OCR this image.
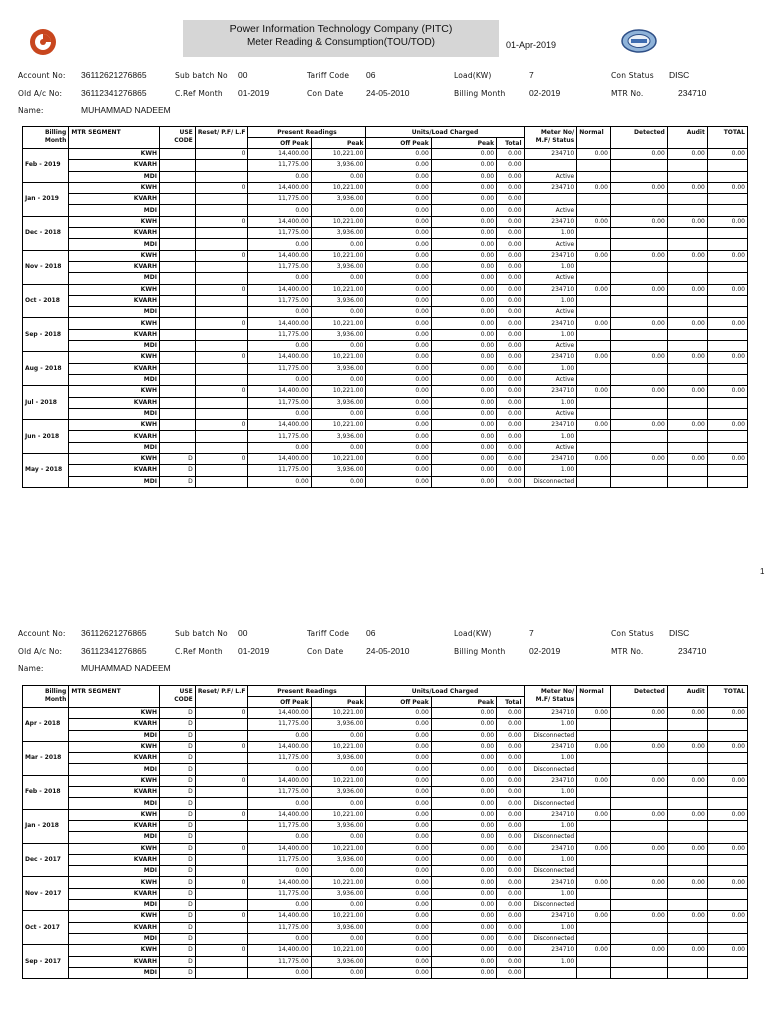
Power Information Technology Company (PITC)
Meter Reading & Consumption(TOU/TOD)	01-Apr-2019
Account No: 36112621276865	Sub batch No 00	Tariff Code 06	Load(KW)	7	Con Status DISC
Old A/c No: 36112341276865	C.Ref Month 01-2019	Con Date	24-05-2010	Billing Month	02-2019	MTR No.	234710
Name:	MUHAMMAD NADEEM
Billing Month	MTR SEGMENT	USE CODE	Reset/ P.F/ L.F	Present Readings		Units/Load Charged			Meter No/ M.F/ Status	Normal	Detected	Audit	TOTAL
				Off Peak	Peak	Off Peak	Peak	Total					
Feb - 2019	KWH		0	14,400.00	10,221.00	0.00	0.00	0.00	234710	0.00	0.00	0.00	0.00
	KVARH			11,775.00	3,936.00	0.00	0.00	0.00					
	MDI			0.00	0.00	0.00	0.00	0.00	Active				
Jan - 2019	KWH		0	14,400.00	10,221.00	0.00	0.00	0.00	234710	0.00	0.00	0.00	0.00
	KVARH			11,775.00	3,936.00	0.00	0.00	0.00					
	MDI			0.00	0.00	0.00	0.00	0.00	Active				
Dec - 2018	KWH		0	14,400.00	10,221.00	0.00	0.00	0.00	234710	0.00	0.00	0.00	0.00
	KVARH			11,775.00	3,936.00	0.00	0.00	0.00	1.00				
	MDI			0.00	0.00	0.00	0.00	0.00	Active				
Nov - 2018	KWH		0	14,400.00	10,221.00	0.00	0.00	0.00	234710	0.00	0.00	0.00	0.00
	KVARH			11,775.00	3,936.00	0.00	0.00	0.00	1.00				
	MDI			0.00	0.00	0.00	0.00	0.00	Active				
Oct - 2018	KWH		0	14,400.00	10,221.00	0.00	0.00	0.00	234710	0.00	0.00	0.00	0.00
	KVARH			11,775.00	3,936.00	0.00	0.00	0.00	1.00				
	MDI			0.00	0.00	0.00	0.00	0.00	Active				
Sep - 2018	KWH		0	14,400.00	10,221.00	0.00	0.00	0.00	234710	0.00	0.00	0.00	0.00
	KVARH			11,775.00	3,936.00	0.00	0.00	0.00	1.00				
	MDI			0.00	0.00	0.00	0.00	0.00	Active				
Aug - 2018	KWH		0	14,400.00	10,221.00	0.00	0.00	0.00	234710	0.00	0.00	0.00	0.00
	KVARH			11,775.00	3,936.00	0.00	0.00	0.00	1.00				
	MDI			0.00	0.00	0.00	0.00	0.00	Active				
Jul - 2018	KWH		0	14,400.00	10,221.00	0.00	0.00	0.00	234710	0.00	0.00	0.00	0.00
	KVARH			11,775.00	3,936.00	0.00	0.00	0.00	1.00				
	MDI			0.00	0.00	0.00	0.00	0.00	Active				
Jun - 2018	KWH		0	14,400.00	10,221.00	0.00	0.00	0.00	234710	0.00	0.00	0.00	0.00
	KVARH			11,775.00	3,936.00	0.00	0.00	0.00	1.00				
	MDI			0.00	0.00	0.00	0.00	0.00	Active				
May - 2018	KWH	D	0	14,400.00	10,221.00	0.00	0.00	0.00	234710	0.00	0.00	0.00	0.00
	KVARH	D		11,775.00	3,936.00	0.00	0.00	0.00	1.00				
	MDI	D		0.00	0.00	0.00	0.00	0.00	Disconnected				
1
Account No: 36112621276865	Sub batch No 00	Tariff Code 06	Load(KW)	7	Con Status DISC
Old A/c No: 36112341276865	C.Ref Month 01-2019	Con Date	24-05-2010	Billing Month	02-2019	MTR No.	234710
Name:	MUHAMMAD NADEEM
Billing Month	MTR SEGMENT	USE CODE	Reset/ P.F/ L.F	Present Readings		Units/Load Charged			Meter No/ M.F/ Status	Normal	Detected	Audit	TOTAL
				Off Peak	Peak	Off Peak	Peak	Total					
Apr - 2018	KWH	D	0	14,400.00	10,221.00	0.00	0.00	0.00	234710	0.00	0.00	0.00	0.00
	KVARH	D		11,775.00	3,936.00	0.00	0.00	0.00	1.00				
	MDI	D		0.00	0.00	0.00	0.00	0.00	Disconnected				
Mar - 2018	KWH	D	0	14,400.00	10,221.00	0.00	0.00	0.00	234710	0.00	0.00	0.00	0.00
	KVARH	D		11,775.00	3,936.00	0.00	0.00	0.00	1.00				
	MDI	D		0.00	0.00	0.00	0.00	0.00	Disconnected				
Feb - 2018	KWH	D	0	14,400.00	10,221.00	0.00	0.00	0.00	234710	0.00	0.00	0.00	0.00
	KVARH	D		11,775.00	3,936.00	0.00	0.00	0.00	1.00				
	MDI	D		0.00	0.00	0.00	0.00	0.00	Disconnected				
Jan - 2018	KWH	D	0	14,400.00	10,221.00	0.00	0.00	0.00	234710	0.00	0.00	0.00	0.00
	KVARH	D		11,775.00	3,936.00	0.00	0.00	0.00	1.00				
	MDI	D		0.00	0.00	0.00	0.00	0.00	Disconnected				
Dec - 2017	KWH	D	0	14,400.00	10,221.00	0.00	0.00	0.00	234710	0.00	0.00	0.00	0.00
	KVARH	D		11,775.00	3,936.00	0.00	0.00	0.00	1.00				
	MDI	D		0.00	0.00	0.00	0.00	0.00	Disconnected				
Nov - 2017	KWH	D	0	14,400.00	10,221.00	0.00	0.00	0.00	234710	0.00	0.00	0.00	0.00
	KVARH	D		11,775.00	3,936.00	0.00	0.00	0.00	1.00				
	MDI	D		0.00	0.00	0.00	0.00	0.00	Disconnected				
Oct - 2017	KWH	D	0	14,400.00	10,221.00	0.00	0.00	0.00	234710	0.00	0.00	0.00	0.00
	KVARH	D		11,775.00	3,936.00	0.00	0.00	0.00	1.00				
	MDI	D		0.00	0.00	0.00	0.00	0.00	Disconnected				
Sep - 2017	KWH	D	0	14,400.00	10,221.00	0.00	0.00	0.00	234710	0.00	0.00	0.00	0.00
	KVARH	D		11,775.00	3,936.00	0.00	0.00	0.00	1.00				
	MDI	D		0.00	0.00	0.00	0.00	0.00					
